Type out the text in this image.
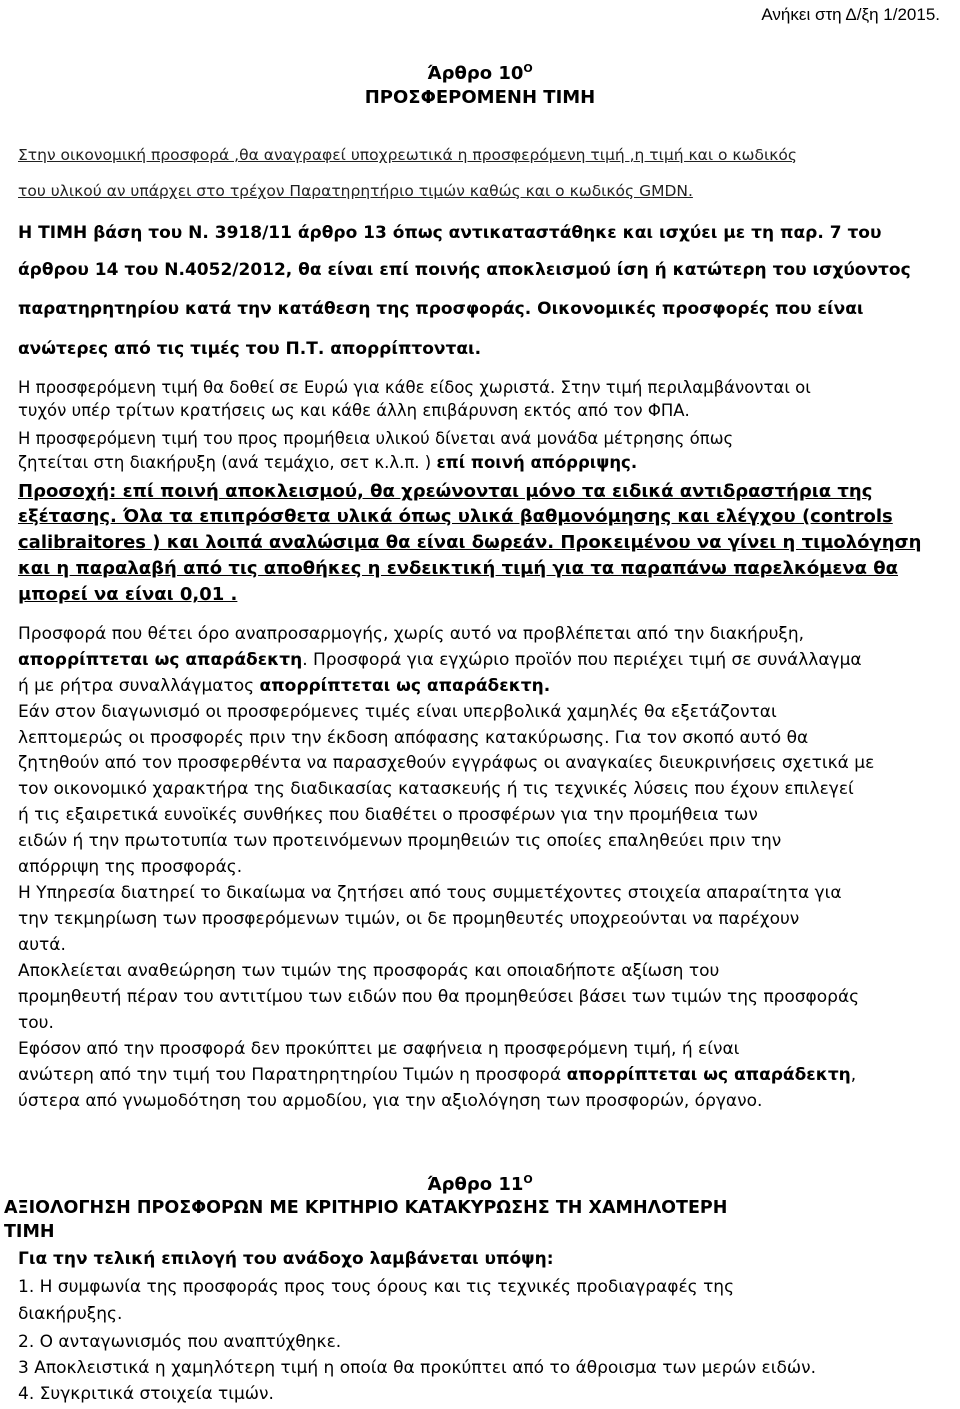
Ανήκει στη Δ/ξη 1/2015.
Άρθρο $10^O$
ΠΡΟΣΦΕΡΟΜΕΝΗ ΤΙΜΗ
Στην οικονομική προσφορά ,θα αναγραφεί υποχρεωτικά η προσφερόμενη τιμή ,η τιμή και ο κωδικός
του υλικού αν υπάρχει στο τρέχον Παρατηρητήριο τιμών καθώς και ο κωδικός GMDN.
Η ΤΙΜΗ βάση του Ν. 3918/11 άρθρο 13 όπως αντικαταστάθηκε και ισχύει με τη παρ. 7 του
άρθρου 14 του Ν.4052/2012, θα είναι επί ποινής αποκλεισμού ίση ή κατώτερη του ισχύοντος
παρατηρητηρίου κατά την κατάθεση της προσφοράς. Οικονομικές προσφορές που είναι
ανώτερες από τις τιμές του Π.Τ. απορρίπτονται.
Η προσφερόμενη τιμή θα δοθεί σε Ευρώ για κάθε είδος χωριστά. Στην τιμή περιλαμβάνονται οι
τυχόν υπέρ τρίτων κρατήσεις ως και κάθε άλλη επιβάρυνση εκτός από τον ΦΠΑ.
Η προσφερόμενη τιμή του προς προμήθεια υλικού δίνεται ανά μονάδα μέτρησης όπως
ζητείται στη διακήρυξη (ανά τεμάχιο, σετ κ.λ.π. ) επί ποινή απόρριψης.
Προσοχή: επί ποινή αποκλεισμού, θα χρεώνονται μόνο τα ειδικά αντιδραστήρια της
εξέτασης. Όλα τα επιπρόσθετα υλικά όπως υλικά βαθμονόμησης και ελέγχου (controls
calibraitores ) και λοιπά αναλώσιμα θα είναι δωρεάν. Προκειμένου να γίνει η τιμολόγηση
και η παραλαβή από τις αποθήκες η ενδεικτική τιμή για τα παραπάνω παρελκόμενα θα
μπορεί να είναι 0,01 .
Προσφορά που θέτει όρο αναπροσαρμογής, χωρίς αυτό να προβλέπεται από την διακήρυξη,
απορρίπτεται ως απαράδεκτη. Προσφορά για εγχώριο προϊόν που περιέχει τιμή σε συνάλλαγμα
ή με ρήτρα συναλλάγματος απορρίπτεται ως απαράδεκτη.
Εάν στον διαγωνισμό οι προσφερόμενες τιμές είναι υπερβολικά χαμηλές θα εξετάζονται
λεπτομερώς οι προσφορές πριν την έκδοση απόφασης κατακύρωσης. Για τον σκοπό αυτό θα
ζητηθούν από τον προσφερθέντα να παρασχεθούν εγγράφως οι αναγκαίες διευκρινήσεις σχετικά με
τον οικονομικό χαρακτήρα της διαδικασίας κατασκευής ή τις τεχνικές λύσεις που έχουν επιλεγεί
ή τις εξαιρετικά ευνοϊκές συνθήκες που διαθέτει ο προσφέρων για την προμήθεια των
ειδών ή την πρωτοτυπία των προτεινόμενων προμηθειών τις οποίες επαληθεύει πριν την
απόρριψη της προσφοράς.
Η Υπηρεσία διατηρεί το δικαίωμα να ζητήσει από τους συμμετέχοντες στοιχεία απαραίτητα για
την τεκμηρίωση των προσφερόμενων τιμών, οι δε προμηθευτές υποχρεούνται να παρέχουν
αυτά.
Αποκλείεται αναθεώρηση των τιμών της προσφοράς και οποιαδήποτε αξίωση του
προμηθευτή πέραν του αντιτίμου των ειδών που θα προμηθεύσει βάσει των τιμών της προσφοράς
του.
Εφόσον από την προσφορά δεν προκύπτει με σαφήνεια η προσφερόμενη τιμή, ή είναι
ανώτερη από την τιμή του Παρατηρητηρίου Τιμών η προσφορά απορρίπτεται ως απαράδεκτη,
ύστερα από γνωμοδότηση του αρμοδίου, για την αξιολόγηση των προσφορών, όργανο.
Άρθρο $11^O$
ΑΞΙΟΛΟΓΗΣΗ ΠΡΟΣΦΟΡΩΝ ΜΕ ΚΡΙΤΗΡΙΟ ΚΑΤΑΚΥΡΩΣΗΣ ΤΗ ΧΑΜΗΛΟΤΕΡΗ
ΤΙΜΗ
Για την τελική επιλογή του ανάδοχο λαμβάνεται υπόψη:
1. Η συμφωνία της προσφοράς προς τους όρους και τις τεχνικές προδιαγραφές της
διακήρυξης.
2. Ο ανταγωνισμός που αναπτύχθηκε.
3 Αποκλειστικά η χαμηλότερη τιμή η οποία θα προκύπτει από το άθροισμα των μερών ειδών.
4. Συγκριτικά στοιχεία τιμών.
